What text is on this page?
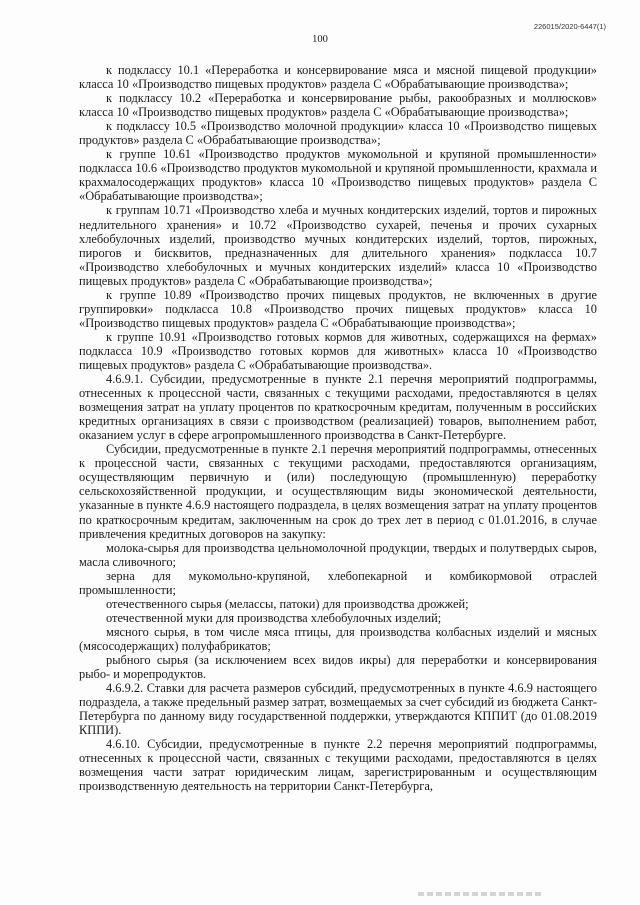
226015/2020-6447(1)
100

к подклассу 10.1 «Переработка и консервирование мяса и мясной пищевой продукции» класса 10 «Производство пищевых продуктов» раздела С «Обрабатывающие производства»;

к подклассу 10.2 «Переработка и консервирование рыбы, ракообразных и моллюсков» класса 10 «Производство пищевых продуктов» раздела С «Обрабатывающие производства»;

к подклассу 10.5 «Производство молочной продукции» класса 10 «Производство пищевых продуктов» раздела С «Обрабатывающие производства»;

к группе 10.61 «Производство продуктов мукомольной и крупяной промышленности» подкласса 10.6 «Производство продуктов мукомольной и крупяной промышленности, крахмала и крахмалосодержащих продуктов» класса 10 «Производство пищевых продуктов» раздела С «Обрабатывающие производства»;

к группам 10.71 «Производство хлеба и мучных кондитерских изделий, тортов и пирожных недлительного хранения» и 10.72 «Производство сухарей, печенья и прочих сухарных хлебобулочных изделий, производство мучных кондитерских изделий, тортов, пирожных, пирогов и бисквитов, предназначенных для длительного хранения» подкласса 10.7 «Производство хлебобулочных и мучных кондитерских изделий» класса 10 «Производство пищевых продуктов» раздела С «Обрабатывающие производства»;

к группе 10.89 «Производство прочих пищевых продуктов, не включенных в другие группировки» подкласса 10.8 «Производство прочих пищевых продуктов» класса 10 «Производство пищевых продуктов» раздела С «Обрабатывающие производства»;

к группе 10.91 «Производство готовых кормов для животных, содержащихся на фермах» подкласса 10.9 «Производство готовых кормов для животных» класса 10 «Производство пищевых продуктов» раздела С «Обрабатывающие производства».

4.6.9.1. Субсидии, предусмотренные в пункте 2.1 перечня мероприятий подпрограммы, отнесенных к процессной части, связанных с текущими расходами, предоставляются в целях возмещения затрат на уплату процентов по краткосрочным кредитам, полученным в российских кредитных организациях в связи с производством (реализацией) товаров, выполнением работ, оказанием услуг в сфере агропромышленного производства в Санкт-Петербурге.

Субсидии, предусмотренные в пункте 2.1 перечня мероприятий подпрограммы, отнесенных к процессной части, связанных с текущими расходами, предоставляются организациям, осуществляющим первичную и (или) последующую (промышленную) переработку сельскохозяйственной продукции, и осуществляющим виды экономической деятельности, указанные в пункте 4.6.9 настоящего подраздела, в целях возмещения затрат на уплату процентов по краткосрочным кредитам, заключенным на срок до трех лет в период с 01.01.2016, в случае привлечения кредитных договоров на закупку:

молока-сырья для производства цельномолочной продукции, твердых и полутвердых сыров, масла сливочного;

зерна для мукомольно-крупяной, хлебопекарной и комбикормовой отраслей промышленности;

отечественного сырья (мелассы, патоки) для производства дрожжей;

отечественной муки для производства хлебобулочных изделий;

мясного сырья, в том числе мяса птицы, для производства колбасных изделий и мясных (мясосодержащих) полуфабрикатов;

рыбного сырья (за исключением всех видов икры) для переработки и консервирования рыбо- и морепродуктов.

4.6.9.2. Ставки для расчета размеров субсидий, предусмотренных в пункте 4.6.9 настоящего подраздела, а также предельный размер затрат, возмещаемых за счет субсидий из бюджета Санкт-Петербурга по данному виду государственной поддержки, утверждаются КППИТ (до 01.08.2019 КППИ).

4.6.10. Субсидии, предусмотренные в пункте 2.2 перечня мероприятий подпрограммы, отнесенных к процессной части, связанных с текущими расходами, предоставляются в целях возмещения части затрат юридическим лицам, зарегистрированным и осуществляющим производственную деятельность на территории Санкт-Петербурга,
